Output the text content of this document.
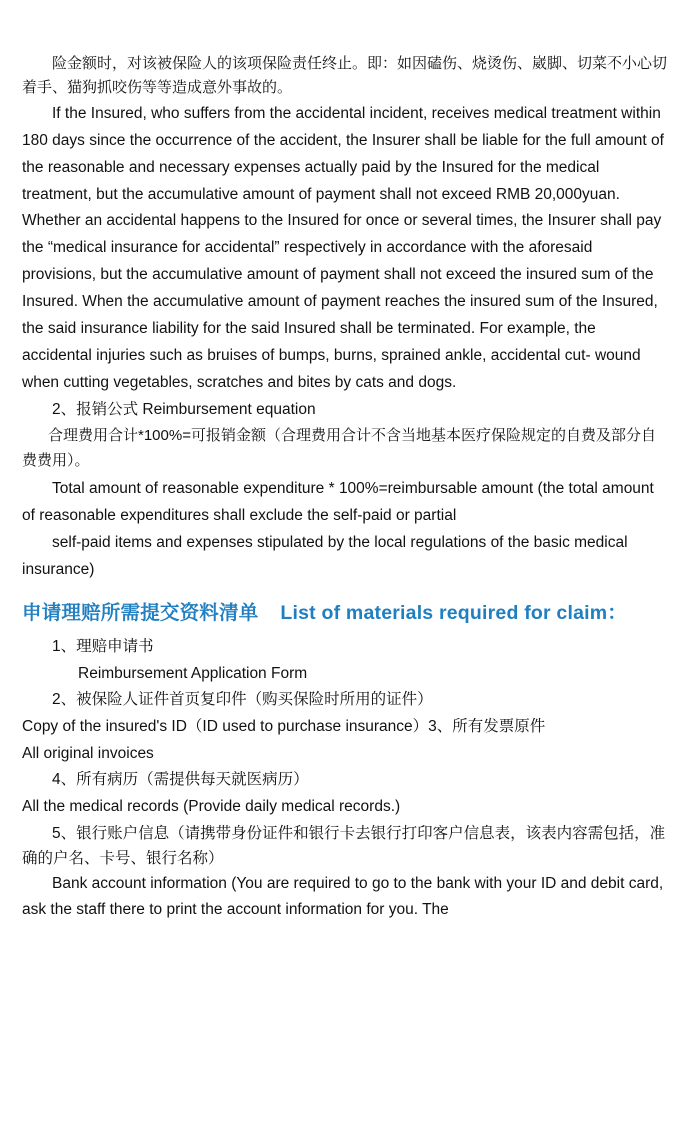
险金额时，对该被保险人的该项保险责任终止。即：如因磕伤、烧烫伤、崴脚、切菜不小心切着手、猫狗抓咬伤等等造成意外事故的。

If the Insured, who suffers from the accidental incident, receives medical treatment within 180 days since the occurrence of the accident, the Insurer shall be liable for the full amount of the reasonable and necessary expenses actually paid by the Insured for the medical treatment, but the accumulative amount of payment shall not exceed RMB 20,000yuan. Whether an accidental happens to the Insured for once or several times, the Insurer shall pay the “medical insurance for accidental” respectively in accordance with the aforesaid provisions, but the accumulative amount of payment shall not exceed the insured sum of the Insured. When the accumulative amount of payment reaches the insured sum of the Insured, the said insurance liability for the said Insured shall be terminated. For example, the accidental injuries such as bruises of bumps, burns, sprained ankle, accidental cut- wound when cutting vegetables, scratches and bites by cats and dogs.

2、报销公式 Reimbursement equation

合理费用合计*100%=可报销金额（合理费用合计不含当地基本医疗保险规定的自费及部分自费费用）。

Total amount of reasonable expenditure * 100%=reimbursable amount (the total amount of reasonable expenditures shall exclude the self-paid or partial

self-paid items and expenses stipulated by the local regulations of the basic medical insurance)

申请理赔所需提交资料清单 List of materials required for claim：

1、理赔申请书

Reimbursement Application Form

2、被保险人证件首页复印件（购买保险时所用的证件）

Copy of the insured's ID（ID used to purchase insurance）3、所有发票原件

All original invoices

4、所有病历（需提供每天就医病历）

All the medical records (Provide daily medical records.)

5、银行账户信息（请携带身份证件和银行卡去银行打印客户信息表，该表内容需包括，准确的户名、卡号、银行名称）

Bank account information (You are required to go to the bank with your ID and debit card, ask the staff there to print the account information for you. The
